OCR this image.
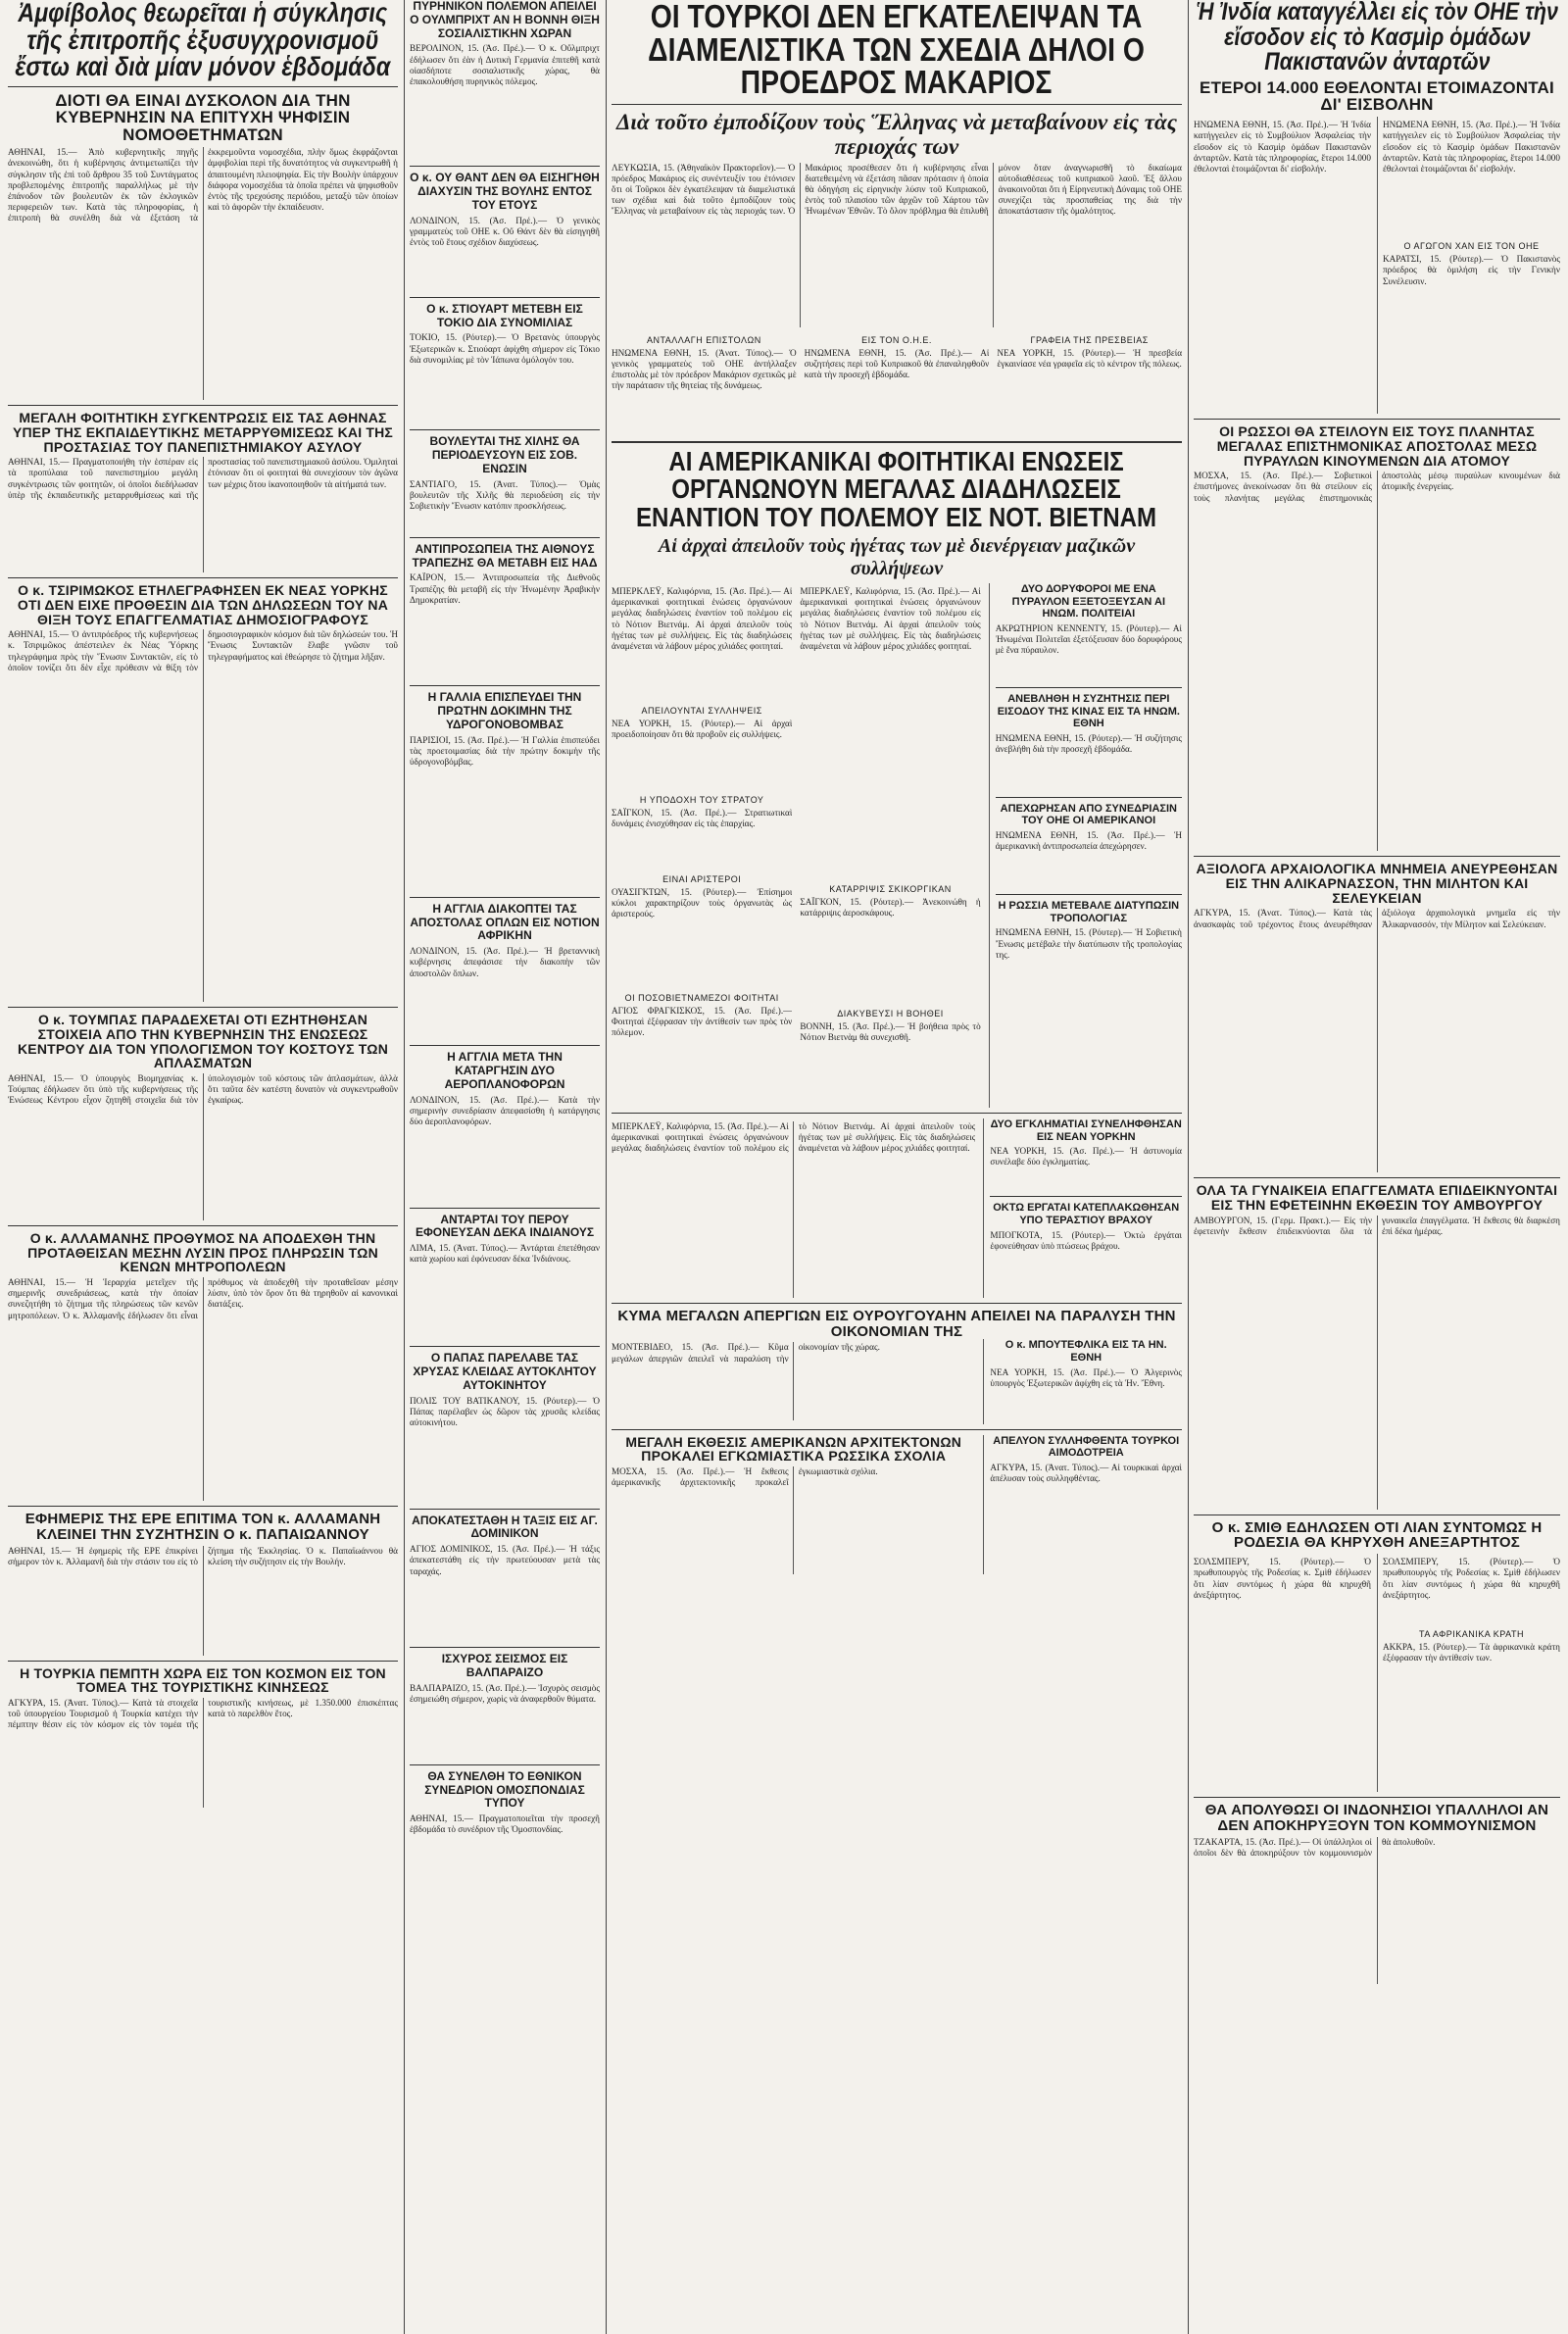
Ἀμφίβολος θεωρεῖται ἡ σύγκλησις τῆς ἐπιτροπῆς ἐξυσυγχρονισμοῦ ἔστω καὶ διὰ μίαν μόνον ἑβδομάδα
ΔΙΟΤΙ ΘΑ ΕΙΝΑΙ ΔΥΣΚΟΛΟΝ ΔΙΑ ΤΗΝ ΚΥΒΕΡΝΗΣΙΝ ΝΑ ΕΠΙΤΥΧΗ ΨΗΦΙΣΙΝ ΝΟΜΟΘΕΤΗΜΑΤΩΝ
ΑΘΗΝΑΙ, 15.— Ἀπὸ κυβερνητικῆς πηγῆς ἀνεκοινώθη, ὅτι ἡ κυβέρνησις ἀντιμετωπίζει τὴν σύγκλησιν τῆς ἐπὶ τοῦ ἄρθρου 35 τοῦ Συντάγματος προβλεπομένης ἐπιτροπῆς παραλλήλως μὲ τὴν ἐπάνοδον τῶν βουλευτῶν ἐκ τῶν ἐκλογικῶν περιφερειῶν των. Κατὰ τὰς πληροφορίας, ἡ ἐπιτροπὴ θὰ συνέλθη διὰ νὰ ἐξετάση τὰ ἐκκρεμοῦντα νομοσχέδια, πλὴν ὅμως ἐκφράζονται ἀμφιβολίαι περὶ τῆς δυνατότητος νὰ συγκεντρωθῆ ἡ ἀπαιτουμένη πλειοψηφία. Εἰς τὴν Βουλὴν ὑπάρχουν διάφορα νομοσχέδια τὰ ὁποῖα πρέπει νὰ ψηφισθοῦν ἐντὸς τῆς τρεχούσης περιόδου, μεταξὺ τῶν ὁποίων καὶ τὸ ἀφορῶν τὴν ἐκπαίδευσιν.
ΜΕΓΑΛΗ ΦΟΙΤΗΤΙΚΗ ΣΥΓΚΕΝΤΡΩΣΙΣ ΕΙΣ ΤΑΣ ΑΘΗΝΑΣ ΥΠΕΡ ΤΗΣ ΕΚΠΑΙΔΕΥΤΙΚΗΣ ΜΕΤΑΡΡΥΘΜΙΣΕΩΣ ΚΑΙ ΤΗΣ ΠΡΟΣΤΑΣΙΑΣ ΤΟΥ ΠΑΝΕΠΙΣΤΗΜΙΑΚΟΥ ΑΣΥΛΟΥ
ΑΘΗΝΑΙ, 15.— Πραγματοποιήθη τὴν ἑσπέραν εἰς τὰ προπύλαια τοῦ πανεπιστημίου μεγάλη συγκέντρωσις τῶν φοιτητῶν, οἱ ὁποῖοι διεδήλωσαν ὑπὲρ τῆς ἐκπαιδευτικῆς μεταρρυθμίσεως καὶ τῆς προστασίας τοῦ πανεπιστημιακοῦ ἀσύλου. Ὁμιληταὶ ἐτόνισαν ὅτι οἱ φοιτηταὶ θὰ συνεχίσουν τὸν ἀγῶνα των μέχρις ὅτου ἱκανοποιηθοῦν τὰ αἰτήματά των.
Ο κ. ΤΣΙΡΙΜΩΚΟΣ ΕΤΗΛΕΓΡΑΦΗΣΕΝ ΕΚ ΝΕΑΣ ΥΟΡΚΗΣ ΟΤΙ ΔΕΝ ΕΙΧΕ ΠΡΟΘΕΣΙΝ ΔΙΑ ΤΩΝ ΔΗΛΩΣΕΩΝ ΤΟΥ ΝΑ ΘΙΞΗ ΤΟΥΣ ΕΠΑΓΓΕΛΜΑΤΙΑΣ ΔΗΜΟΣΙΟΓΡΑΦΟΥΣ
ΑΘΗΝΑΙ, 15.— Ὁ ἀντιπρόεδρος τῆς κυβερνήσεως κ. Τσιριμῶκος ἀπέστειλεν ἐκ Νέας Ὑόρκης τηλεγράφημα πρὸς τὴν Ἕνωσιν Συντακτῶν, εἰς τὸ ὁποῖον τονίζει ὅτι δὲν εἶχε πρόθεσιν νὰ θίξη τὸν δημοσιογραφικὸν κόσμον διὰ τῶν δηλώσεών του. Ἡ Ἕνωσις Συντακτῶν ἔλαβε γνῶσιν τοῦ τηλεγραφήματος καὶ ἐθεώρησε τὸ ζήτημα λῆξαν.
Ο κ. ΤΟΥΜΠΑΣ ΠΑΡΑΔΕΧΕΤΑΙ ΟΤΙ ΕΖΗΤΗΘΗΣΑΝ ΣΤΟΙΧΕΙΑ ΑΠΟ ΤΗΝ ΚΥΒΕΡΝΗΣΙΝ ΤΗΣ ΕΝΩΣΕΩΣ ΚΕΝΤΡΟΥ ΔΙΑ ΤΟΝ ΥΠΟΛΟΓΙΣΜΟΝ ΤΟΥ ΚΟΣΤΟΥΣ ΤΩΝ ΑΠΛΑΣΜΑΤΩΝ
ΑΘΗΝΑΙ, 15.— Ὁ ὑπουργὸς Βιομηχανίας κ. Τούμπας ἐδήλωσεν ὅτι ὑπὸ τῆς κυβερνήσεως τῆς Ἑνώσεως Κέντρου εἶχον ζητηθῆ στοιχεῖα διὰ τὸν ὑπολογισμὸν τοῦ κόστους τῶν ἀπλασμάτων, ἀλλὰ ὅτι ταῦτα δὲν κατέστη δυνατὸν νὰ συγκεντρωθοῦν ἐγκαίρως.
Ο κ. ΑΛΛΑΜΑΝΗΣ ΠΡΟΘΥΜΟΣ ΝΑ ΑΠΟΔΕΧΘΗ ΤΗΝ ΠΡΟΤΑΘΕΙΣΑΝ ΜΕΣΗΝ ΛΥΣΙΝ ΠΡΟΣ ΠΛΗΡΩΣΙΝ ΤΩΝ ΚΕΝΩΝ ΜΗΤΡΟΠΟΛΕΩΝ
ΑΘΗΝΑΙ, 15.— Ἡ Ἱεραρχία μετεῖχεν τῆς σημερινῆς συνεδριάσεως, κατὰ τὴν ὁποίαν συνεζητήθη τὸ ζήτημα τῆς πληρώσεως τῶν κενῶν μητροπόλεων. Ὁ κ. Ἀλλαμανῆς ἐδήλωσεν ὅτι εἶναι πρόθυμος νὰ ἀποδεχθῆ τὴν προταθεῖσαν μέσην λύσιν, ὑπὸ τὸν ὅρον ὅτι θὰ τηρηθοῦν αἱ κανονικαὶ διατάξεις.
ΕΦΗΜΕΡΙΣ ΤΗΣ ΕΡΕ ΕΠΙΤΙΜΑ ΤΟΝ κ. ΑΛΛΑΜΑΝΗ ΚΛΕΙΝΕΙ ΤΗΝ ΣΥΖΗΤΗΣΙΝ Ο κ. ΠΑΠΑΙΩΑΝΝΟΥ
ΑΘΗΝΑΙ, 15.— Ἡ ἐφημερὶς τῆς ΕΡΕ ἐπικρίνει σήμερον τὸν κ. Ἀλλαμανῆ διὰ τὴν στάσιν του εἰς τὸ ζήτημα τῆς Ἐκκλησίας. Ὁ κ. Παπαϊωάννου θὰ κλείση τὴν συζήτησιν εἰς τὴν Βουλήν.
Η ΤΟΥΡΚΙΑ ΠΕΜΠΤΗ ΧΩΡΑ ΕΙΣ ΤΟΝ ΚΟΣΜΟΝ ΕΙΣ ΤΟΝ ΤΟΜΕΑ ΤΗΣ ΤΟΥΡΙΣΤΙΚΗΣ ΚΙΝΗΣΕΩΣ
ΑΓΚΥΡΑ, 15. (Ἀνατ. Τύπος).— Κατὰ τὰ στοιχεῖα τοῦ ὑπουργείου Τουρισμοῦ ἡ Τουρκία κατέχει τὴν πέμπτην θέσιν εἰς τὸν κόσμον εἰς τὸν τομέα τῆς τουριστικῆς κινήσεως, μὲ 1.350.000 ἐπισκέπτας κατὰ τὸ παρελθὸν ἔτος.
ΠΥΡΗΝΙΚΟΝ ΠΟΛΕΜΟΝ ΑΠΕΙΛΕΙ Ο ΟΥΛΜΠΡΙΧΤ ΑΝ Η ΒΟΝΝΗ ΘΙΞΗ ΣΟΣΙΑΛΙΣΤΙΚΗΝ ΧΩΡΑΝ
ΒΕΡΟΛΙΝΟΝ, 15. (Ἀσ. Πρέ.).— Ὁ κ. Οὔλμπριχτ ἐδήλωσεν ὅτι ἐὰν ἡ Δυτικὴ Γερμανία ἐπιτεθῆ κατὰ οἱασδήποτε σοσιαλιστικῆς χώρας, θὰ ἐπακολουθήση πυρηνικὸς πόλεμος.
Ο κ. ΟΥ ΘΑΝΤ ΔΕΝ ΘΑ ΕΙΣΗΓΗΘΗ ΔΙΑΧΥΣΙΝ ΤΗΣ ΒΟΥΛΗΣ ΕΝΤΟΣ ΤΟΥ ΕΤΟΥΣ
ΛΟΝΔΙΝΟΝ, 15. (Ἀσ. Πρέ.).— Ὁ γενικὸς γραμματεὺς τοῦ ΟΗΕ κ. Οὔ Θάντ δὲν θὰ εἰσηγηθῆ ἐντὸς τοῦ ἔτους σχέδιον διαχύσεως.
Ο κ. ΣΤΙΟΥΑΡΤ ΜΕΤΕΒΗ ΕΙΣ ΤΟΚΙΟ ΔΙΑ ΣΥΝΟΜΙΛΙΑΣ
ΤΟΚΙΟ, 15. (Ρόυτερ).— Ὁ Βρετανὸς ὑπουργὸς Ἐξωτερικῶν κ. Στιούαρτ ἀφίχθη σήμερον εἰς Τόκιο διὰ συνομιλίας μὲ τὸν Ἰάπωνα ὁμόλογόν του.
ΒΟΥΛΕΥΤΑΙ ΤΗΣ ΧΙΛΗΣ ΘΑ ΠΕΡΙΟΔΕΥΣΟΥΝ ΕΙΣ ΣΟΒ. ΕΝΩΣΙΝ
ΣΑΝΤΙΑΓΟ, 15. (Ἀνατ. Τύπος).— Ὁμὰς βουλευτῶν τῆς Χιλῆς θὰ περιοδεύση εἰς τὴν Σοβιετικὴν Ἕνωσιν κατόπιν προσκλήσεως.
ΑΝΤΙΠΡΟΣΩΠΕΙΑ ΤΗΣ ΑΙΘΝΟΥΣ ΤΡΑΠΕΖΗΣ ΘΑ ΜΕΤΑΒΗ ΕΙΣ ΗΑΔ
ΚΑΪΡΟΝ, 15.— Ἀντιπροσωπεία τῆς Διεθνοῦς Τραπέζης θὰ μεταβῆ εἰς τὴν Ἡνωμένην Ἀραβικὴν Δημοκρατίαν.
Η ΓΑΛΛΙΑ ΕΠΙΣΠΕΥΔΕΙ ΤΗΝ ΠΡΩΤΗΝ ΔΟΚΙΜΗΝ ΤΗΣ ΥΔΡΟΓΟΝΟΒΟΜΒΑΣ
ΠΑΡΙΣΙΟΙ, 15. (Ἀσ. Πρέ.).— Ἡ Γαλλία ἐπισπεύδει τὰς προετοιμασίας διὰ τὴν πρώτην δοκιμὴν τῆς ὑδρογονοβόμβας.
Η ΑΓΓΛΙΑ ΔΙΑΚΟΠΤΕΙ ΤΑΣ ΑΠΟΣΤΟΛΑΣ ΟΠΛΩΝ ΕΙΣ ΝΟΤΙΟΝ ΑΦΡΙΚΗΝ
ΛΟΝΔΙΝΟΝ, 15. (Ἀσ. Πρέ.).— Ἡ βρεταννικὴ κυβέρνησις ἀπεφάσισε τὴν διακοπὴν τῶν ἀποστολῶν ὅπλων.
Η ΑΓΓΛΙΑ ΜΕΤΑ ΤΗΝ ΚΑΤΑΡΓΗΣΙΝ ΔΥΟ ΑΕΡΟΠΛΑΝΟΦΟΡΩΝ
ΛΟΝΔΙΝΟΝ, 15. (Ἀσ. Πρέ.).— Κατὰ τὴν σημερινὴν συνεδρίασιν ἀπεφασίσθη ἡ κατάργησις δύο ἀεροπλανοφόρων.
ΑΝΤΑΡΤΑΙ ΤΟΥ ΠΕΡΟΥ ΕΦΟΝΕΥΣΑΝ ΔΕΚΑ ΙΝΔΙΑΝΟΥΣ
ΛΙΜΑ, 15. (Ἀνατ. Τύπος).— Ἀντάρται ἐπετέθησαν κατὰ χωρίου καὶ ἐφόνευσαν δέκα Ἰνδιάνους.
Ο ΠΑΠΑΣ ΠΑΡΕΛΑΒΕ ΤΑΣ ΧΡΥΣΑΣ ΚΛΕΙΔΑΣ ΑΥΤΟΚΛΗΤΟΥ ΑΥΤΟΚΙΝΗΤΟΥ
ΠΟΛΙΣ ΤΟΥ ΒΑΤΙΚΑΝΟΥ, 15. (Ρόυτερ).— Ὁ Πάπας παρέλαβεν ὡς δῶρον τὰς χρυσᾶς κλείδας αὐτοκινήτου.
ΑΠΟΚΑΤΕΣΤΑΘΗ Η ΤΑΞΙΣ ΕΙΣ ΑΓ. ΔΟΜΙΝΙΚΟΝ
ΑΓΙΟΣ ΔΟΜΙΝΙΚΟΣ, 15. (Ἀσ. Πρέ.).— Ἡ τάξις ἀπεκατεστάθη εἰς τὴν πρωτεύουσαν μετὰ τὰς ταραχάς.
ΙΣΧΥΡΟΣ ΣΕΙΣΜΟΣ ΕΙΣ ΒΑΛΠΑΡΑΙΖΟ
ΒΑΛΠΑΡΑΙΖΟ, 15. (Ἀσ. Πρέ.).— Ἰσχυρὸς σεισμὸς ἐσημειώθη σήμερον, χωρὶς νὰ ἀναφερθοῦν θύματα.
ΘΑ ΣΥΝΕΛΘΗ ΤΟ ΕΘΝΙΚΟΝ ΣΥΝΕΔΡΙΟΝ ΟΜΟΣΠΟΝΔΙΑΣ ΤΥΠΟΥ
ΑΘΗΝΑΙ, 15.— Πραγματοποιεῖται τὴν προσεχῆ ἑβδομάδα τὸ συνέδριον τῆς Ὁμοσπονδίας.
ΟΙ ΤΟΥΡΚΟΙ ΔΕΝ ΕΓΚΑΤΕΛΕΙΨΑΝ ΤΑ ΔΙΑΜΕΛΙΣΤΙΚΑ ΤΩΝ ΣΧΕΔΙΑ ΔΗΛΟΙ Ο ΠΡΟΕΔΡΟΣ ΜΑΚΑΡΙΟΣ
Διὰ τοῦτο ἐμποδίζουν τοὺς Ἕλληνας νὰ μεταβαίνουν εἰς τὰς περιοχάς των
ΛΕΥΚΩΣΙΑ, 15. (Ἀθηναϊκὸν Πρακτορεῖον).— Ὁ πρόεδρος Μακάριος εἰς συνέντευξίν του ἐτόνισεν ὅτι οἱ Τοῦρκοι δὲν ἐγκατέλειψαν τὰ διαμελιστικά των σχέδια καὶ διὰ τοῦτο ἐμποδίζουν τοὺς Ἕλληνας νὰ μεταβαίνουν εἰς τὰς περιοχάς των. Ὁ Μακάριος προσέθεσεν ὅτι ἡ κυβέρνησις εἶναι διατεθειμένη νὰ ἐξετάση πᾶσαν πρότασιν ἡ ὁποία θὰ ὁδηγήση εἰς εἰρηνικὴν λύσιν τοῦ Κυπριακοῦ, ἐντὸς τοῦ πλαισίου τῶν ἀρχῶν τοῦ Χάρτου τῶν Ἡνωμένων Ἐθνῶν. Τὸ ὅλον πρόβλημα θὰ ἐπιλυθῆ μόνον ὅταν ἀναγνωρισθῆ τὸ δικαίωμα αὐτοδιαθέσεως τοῦ κυπριακοῦ λαοῦ. Ἐξ ἄλλου ἀνακοινοῦται ὅτι ἡ Εἰρηνευτικὴ Δύναμις τοῦ ΟΗΕ συνεχίζει τὰς προσπαθείας της διὰ τὴν ἀποκατάστασιν τῆς ὁμαλότητος.
ΑΝΤΑΛΛΑΓΗ ΕΠΙΣΤΟΛΩΝ
ΗΝΩΜΕΝΑ ΕΘΝΗ, 15. (Ἀνατ. Τύπος).— Ὁ γενικὸς γραμματεὺς τοῦ ΟΗΕ ἀντήλλαξεν ἐπιστολὰς μὲ τὸν πρόεδρον Μακάριον σχετικῶς μὲ τὴν παράτασιν τῆς θητείας τῆς δυνάμεως.
ΕΙΣ ΤΟΝ Ο.Η.Ε.
ΗΝΩΜΕΝΑ ΕΘΝΗ, 15. (Ἀσ. Πρέ.).— Αἱ συζητήσεις περὶ τοῦ Κυπριακοῦ θὰ ἐπαναληφθοῦν κατὰ τὴν προσεχῆ ἑβδομάδα.
ΓΡΑΦΕΙΑ ΤΗΣ ΠΡΕΣΒΕΙΑΣ
ΝΕΑ ΥΟΡΚΗ, 15. (Ρόυτερ).— Ἡ πρεσβεία ἐγκαινίασε νέα γραφεῖα εἰς τὸ κέντρον τῆς πόλεως.
ΑΙ ΑΜΕΡΙΚΑΝΙΚΑΙ ΦΟΙΤΗΤΙΚΑΙ ΕΝΩΣΕΙΣ ΟΡΓΑΝΩΝΟΥΝ ΜΕΓΑΛΑΣ ΔΙΑΔΗΛΩΣΕΙΣ ΕΝΑΝΤΙΟΝ ΤΟΥ ΠΟΛΕΜΟΥ ΕΙΣ ΝΟΤ. ΒΙΕΤΝΑΜ
Αἱ ἀρχαὶ ἀπειλοῦν τοὺς ἡγέτας των μὲ διενέργειαν μαζικῶν συλλήψεων
ΜΠΕΡΚΛΕΫ, Καλιφόρνια, 15. (Ἀσ. Πρέ.).— Αἱ ἀμερικανικαὶ φοιτητικαὶ ἑνώσεις ὀργανώνουν μεγάλας διαδηλώσεις ἐναντίον τοῦ πολέμου εἰς τὸ Νότιον Βιετνάμ. Αἱ ἀρχαὶ ἀπειλοῦν τοὺς ἡγέτας των μὲ συλλήψεις. Εἰς τὰς διαδηλώσεις ἀναμένεται νὰ λάβουν μέρος χιλιάδες φοιτηταί.
ΑΠΕΙΛΟΥΝΤΑΙ ΣΥΛΛΗΨΕΙΣ
ΝΕΑ ΥΟΡΚΗ, 15. (Ρόυτερ).— Αἱ ἀρχαὶ προειδοποίησαν ὅτι θὰ προβοῦν εἰς συλλήψεις.
Η ΥΠΟΔΟΧΗ ΤΟΥ ΣΤΡΑΤΟΥ
ΣΑΪΓΚΟΝ, 15. (Ἀσ. Πρέ.).— Στρατιωτικαὶ δυνάμεις ἐνισχύθησαν εἰς τὰς ἐπαρχίας.
ΕΙΝΑΙ ΑΡΙΣΤΕΡΟΙ
ΟΥΑΣΙΓΚΤΩΝ, 15. (Ρόυτερ).— Ἐπίσημοι κύκλοι χαρακτηρίζουν τοὺς ὀργανωτὰς ὡς ἀριστερούς.
ΟΙ ΠΟΣΟΒΙΕΤΝΑΜΕΖΟΙ ΦΟΙΤΗΤΑΙ
ΑΓΙΟΣ ΦΡΑΓΚΙΣΚΟΣ, 15. (Ἀσ. Πρέ.).— Φοιτηταὶ ἐξέφρασαν τὴν ἀντίθεσίν των πρὸς τὸν πόλεμον.
ΜΠΕΡΚΛΕΫ, Καλιφόρνια, 15. (Ἀσ. Πρέ.).— Αἱ ἀμερικανικαὶ φοιτητικαὶ ἑνώσεις ὀργανώνουν μεγάλας διαδηλώσεις ἐναντίον τοῦ πολέμου εἰς τὸ Νότιον Βιετνάμ. Αἱ ἀρχαὶ ἀπειλοῦν τοὺς ἡγέτας των μὲ συλλήψεις. Εἰς τὰς διαδηλώσεις ἀναμένεται νὰ λάβουν μέρος χιλιάδες φοιτηταί.
ΚΑΤΑΡΡΙΨΙΣ ΣΚΙΚΟΡΓΙΚΑΝ
ΣΑΪΓΚΟΝ, 15. (Ρόυτερ).— Ἀνεκοινώθη ἡ κατάρριψις ἀεροσκάφους.
ΔΙΑΚΥΒΕΥΣΙ Η ΒΟΗΘΕΙ
ΒΟΝΝΗ, 15. (Ἀσ. Πρέ.).— Ἡ βοήθεια πρὸς τὸ Νότιον Βιετνὰμ θὰ συνεχισθῆ.
ΔΥΟ ΔΟΡΥΦΟΡΟΙ ΜΕ ΕΝΑ ΠΥΡΑΥΛΟΝ ΕΞΕΤΟΞΕΥΣΑΝ ΑΙ ΗΝΩΜ. ΠΟΛΙΤΕΙΑΙ
ΑΚΡΩΤΗΡΙΟΝ ΚΕΝΝΕΝΤΥ, 15. (Ρόυτερ).— Αἱ Ἡνωμέναι Πολιτεῖαι ἐξετόξευσαν δύο δορυφόρους μὲ ἕνα πύραυλον.
ΑΝΕΒΛΗΘΗ Η ΣΥΖΗΤΗΣΙΣ ΠΕΡΙ ΕΙΣΟΔΟΥ ΤΗΣ ΚΙΝΑΣ ΕΙΣ ΤΑ ΗΝΩΜ. ΕΘΝΗ
ΗΝΩΜΕΝΑ ΕΘΝΗ, 15. (Ρόυτερ).— Ἡ συζήτησις ἀνεβλήθη διὰ τὴν προσεχῆ ἑβδομάδα.
ΑΠΕΧΩΡΗΣΑΝ ΑΠΟ ΣΥΝΕΔΡΙΑΣΙΝ ΤΟΥ ΟΗΕ ΟΙ ΑΜΕΡΙΚΑΝΟΙ
ΗΝΩΜΕΝΑ ΕΘΝΗ, 15. (Ἀσ. Πρέ.).— Ἡ ἀμερικανικὴ ἀντιπροσωπεία ἀπεχώρησεν.
Η ΡΩΣΣΙΑ ΜΕΤΕΒΑΛΕ ΔΙΑΤΥΠΩΣΙΝ ΤΡΟΠΟΛΟΓΙΑΣ
ΗΝΩΜΕΝΑ ΕΘΝΗ, 15. (Ρόυτερ).— Ἡ Σοβιετικὴ Ἕνωσις μετέβαλε τὴν διατύπωσιν τῆς τροπολογίας της.
ΜΠΕΡΚΛΕΫ, Καλιφόρνια, 15. (Ἀσ. Πρέ.).— Αἱ ἀμερικανικαὶ φοιτητικαὶ ἑνώσεις ὀργανώνουν μεγάλας διαδηλώσεις ἐναντίον τοῦ πολέμου εἰς τὸ Νότιον Βιετνάμ. Αἱ ἀρχαὶ ἀπειλοῦν τοὺς ἡγέτας των μὲ συλλήψεις. Εἰς τὰς διαδηλώσεις ἀναμένεται νὰ λάβουν μέρος χιλιάδες φοιτηταί.
ΔΥΟ ΕΓΚΛΗΜΑΤΙΑΙ ΣΥΝΕΛΗΦΘΗΣΑΝ ΕΙΣ ΝΕΑΝ ΥΟΡΚΗΝ
ΝΕΑ ΥΟΡΚΗ, 15. (Ἀσ. Πρέ.).— Ἡ ἀστυνομία συνέλαβε δύο ἐγκληματίας.
ΟΚΤΩ ΕΡΓΑΤΑΙ ΚΑΤΕΠΛΑΚΩΘΗΣΑΝ ΥΠΟ ΤΕΡΑΣΤΙΟΥ ΒΡΑΧΟΥ
ΜΠΟΓΚΟΤΑ, 15. (Ρόυτερ).— Ὀκτὼ ἐργάται ἐφονεύθησαν ὑπὸ πτώσεως βράχου.
ΚΥΜΑ ΜΕΓΑΛΩΝ ΑΠΕΡΓΙΩΝ ΕΙΣ ΟΥΡΟΥΓΟΥΑΗΝ ΑΠΕΙΛΕΙ ΝΑ ΠΑΡΑΛΥΣΗ ΤΗΝ ΟΙΚΟΝΟΜΙΑΝ ΤΗΣ
ΜΟΝΤΕΒΙΔΕΟ, 15. (Ἀσ. Πρέ.).— Κῦμα μεγάλων ἀπεργιῶν ἀπειλεῖ νὰ παραλύση τὴν οἰκονομίαν τῆς χώρας.	Ο κ. ΜΠΟΥΤΕΦΛΙΚΑ ΕΙΣ ΤΑ ΗΝ. ΕΘΝΗ
ΝΕΑ ΥΟΡΚΗ, 15. (Ἀσ. Πρέ.).— Ὁ Ἀλγερινὸς ὑπουργὸς Ἐξωτερικῶν ἀφίχθη εἰς τὰ Ἡν. Ἔθνη.
ΜΕΓΑΛΗ ΕΚΘΕΣΙΣ ΑΜΕΡΙΚΑΝΩΝ ΑΡΧΙΤΕΚΤΟΝΩΝ ΠΡΟΚΑΛΕΙ ΕΓΚΩΜΙΑΣΤΙΚΑ ΡΩΣΣΙΚΑ ΣΧΟΛΙΑ
ΜΟΣΧΑ, 15. (Ἀσ. Πρέ.).— Ἡ ἔκθεσις ἀμερικανικῆς ἀρχιτεκτονικῆς προκαλεῖ ἐγκωμιαστικὰ σχόλια.
ΑΠΕΛΥΟΝ ΣΥΛΛΗΦΘΕΝΤΑ ΤΟΥΡΚΟΙ ΑΙΜΟΔΟΤΡΕΙΑ
ΑΓΚΥΡΑ, 15. (Ἀνατ. Τύπος).— Αἱ τουρκικαὶ ἀρχαὶ ἀπέλυσαν τοὺς συλληφθέντας.
Ἡ Ἰνδία καταγγέλλει εἰς τὸν ΟΗΕ τὴν εἴσοδον εἰς τὸ Κασμὶρ ὁμάδων Πακιστανῶν ἀνταρτῶν
ΕΤΕΡΟΙ 14.000 ΕΘΕΛΟΝΤΑΙ ΕΤΟΙΜΑΖΟΝΤΑΙ ΔΙ' ΕΙΣΒΟΛΗΝ
ΗΝΩΜΕΝΑ ΕΘΝΗ, 15. (Ἀσ. Πρέ.).— Ἡ Ἰνδία κατήγγειλεν εἰς τὸ Συμβούλιον Ἀσφαλείας τὴν εἴσοδον εἰς τὸ Κασμὶρ ὁμάδων Πακιστανῶν ἀνταρτῶν. Κατὰ τὰς πληροφορίας, ἕτεροι 14.000 ἐθελονταὶ ἑτοιμάζονται δι' εἰσβολήν.
ΗΝΩΜΕΝΑ ΕΘΝΗ, 15. (Ἀσ. Πρέ.).— Ἡ Ἰνδία κατήγγειλεν εἰς τὸ Συμβούλιον Ἀσφαλείας τὴν εἴσοδον εἰς τὸ Κασμὶρ ὁμάδων Πακιστανῶν ἀνταρτῶν. Κατὰ τὰς πληροφορίας, ἕτεροι 14.000 ἐθελονταὶ ἑτοιμάζονται δι' εἰσβολήν.
Ο ΑΓΩΓΟΝ ΧΑΝ ΕΙΣ ΤΟΝ ΟΗΕ
ΚΑΡΑΤΣΙ, 15. (Ρόυτερ).— Ὁ Πακιστανὸς πρόεδρος θὰ ὁμιλήση εἰς τὴν Γενικὴν Συνέλευσιν.
ΟΙ ΡΩΣΣΟΙ ΘΑ ΣΤΕΙΛΟΥΝ ΕΙΣ ΤΟΥΣ ΠΛΑΝΗΤΑΣ ΜΕΓΑΛΑΣ ΕΠΙΣΤΗΜΟΝΙΚΑΣ ΑΠΟΣΤΟΛΑΣ ΜΕΣΩ ΠΥΡΑΥΛΩΝ ΚΙΝΟΥΜΕΝΩΝ ΔΙΑ ΑΤΟΜΟΥ
ΜΟΣΧΑ, 15. (Ἀσ. Πρέ.).— Σοβιετικοὶ ἐπιστήμονες ἀνεκοίνωσαν ὅτι θὰ στείλουν εἰς τοὺς πλανήτας μεγάλας ἐπιστημονικὰς ἀποστολὰς μέσῳ πυραύλων κινουμένων διὰ ἀτομικῆς ἐνεργείας.
ΑΞΙΟΛΟΓΑ ΑΡΧΑΙΟΛΟΓΙΚΑ ΜΝΗΜΕΙΑ ΑΝΕΥΡΕΘΗΣΑΝ ΕΙΣ ΤΗΝ ΑΛΙΚΑΡΝΑΣΣΟΝ, ΤΗΝ ΜΙΛΗΤΟΝ ΚΑΙ ΣΕΛΕΥΚΕΙΑΝ
ΑΓΚΥΡΑ, 15. (Ἀνατ. Τύπος).— Κατὰ τὰς ἀνασκαφὰς τοῦ τρέχοντος ἔτους ἀνευρέθησαν ἀξιόλογα ἀρχαιολογικὰ μνημεῖα εἰς τὴν Ἁλικαρνασσόν, τὴν Μίλητον καὶ Σελεύκειαν.
ΟΛΑ ΤΑ ΓΥΝΑΙΚΕΙΑ ΕΠΑΓΓΕΛΜΑΤΑ ΕΠΙΔΕΙΚΝΥΟΝΤΑΙ ΕΙΣ ΤΗΝ ΕΦΕΤΕΙΝΗΝ ΕΚΘΕΣΙΝ ΤΟΥ ΑΜΒΟΥΡΓΟΥ
ΑΜΒΟΥΡΓΟΝ, 15. (Γερμ. Πρακτ.).— Εἰς τὴν ἐφετεινὴν ἔκθεσιν ἐπιδεικνύονται ὅλα τὰ γυναικεῖα ἐπαγγέλματα. Ἡ ἔκθεσις θὰ διαρκέση ἐπὶ δέκα ἡμέρας.
Ο κ. ΣΜΙΘ ΕΔΗΛΩΣΕΝ ΟΤΙ ΛΙΑΝ ΣΥΝΤΟΜΩΣ Η ΡΟΔΕΣΙΑ ΘΑ ΚΗΡΥΧΘΗ ΑΝΕΞΑΡΤΗΤΟΣ
ΣΟΛΣΜΠΕΡΥ, 15. (Ρόυτερ).— Ὁ πρωθυπουργὸς τῆς Ροδεσίας κ. Σμὶθ ἐδήλωσεν ὅτι λίαν συντόμως ἡ χώρα θὰ κηρυχθῆ ἀνεξάρτητος.
ΣΟΛΣΜΠΕΡΥ, 15. (Ρόυτερ).— Ὁ πρωθυπουργὸς τῆς Ροδεσίας κ. Σμὶθ ἐδήλωσεν ὅτι λίαν συντόμως ἡ χώρα θὰ κηρυχθῆ ἀνεξάρτητος.
ΤΑ ΑΦΡΙΚΑΝΙΚΑ ΚΡΑΤΗ
ΑΚΚΡΑ, 15. (Ρόυτερ).— Τὰ ἀφρικανικὰ κράτη ἐξέφρασαν τὴν ἀντίθεσίν των.
ΘΑ ΑΠΟΛΥΘΩΣΙ ΟΙ ΙΝΔΟΝΗΣΙΟΙ ΥΠΑΛΛΗΛΟΙ ΑΝ ΔΕΝ ΑΠΟΚΗΡΥΞΟΥΝ ΤΟΝ ΚΟΜΜΟΥΝΙΣΜΟΝ
ΤΖΑΚΑΡΤΑ, 15. (Ἀσ. Πρέ.).— Οἱ ὑπάλληλοι οἱ ὁποῖοι δὲν θὰ ἀποκηρύξουν τὸν κομμουνισμὸν θὰ ἀπολυθοῦν.
